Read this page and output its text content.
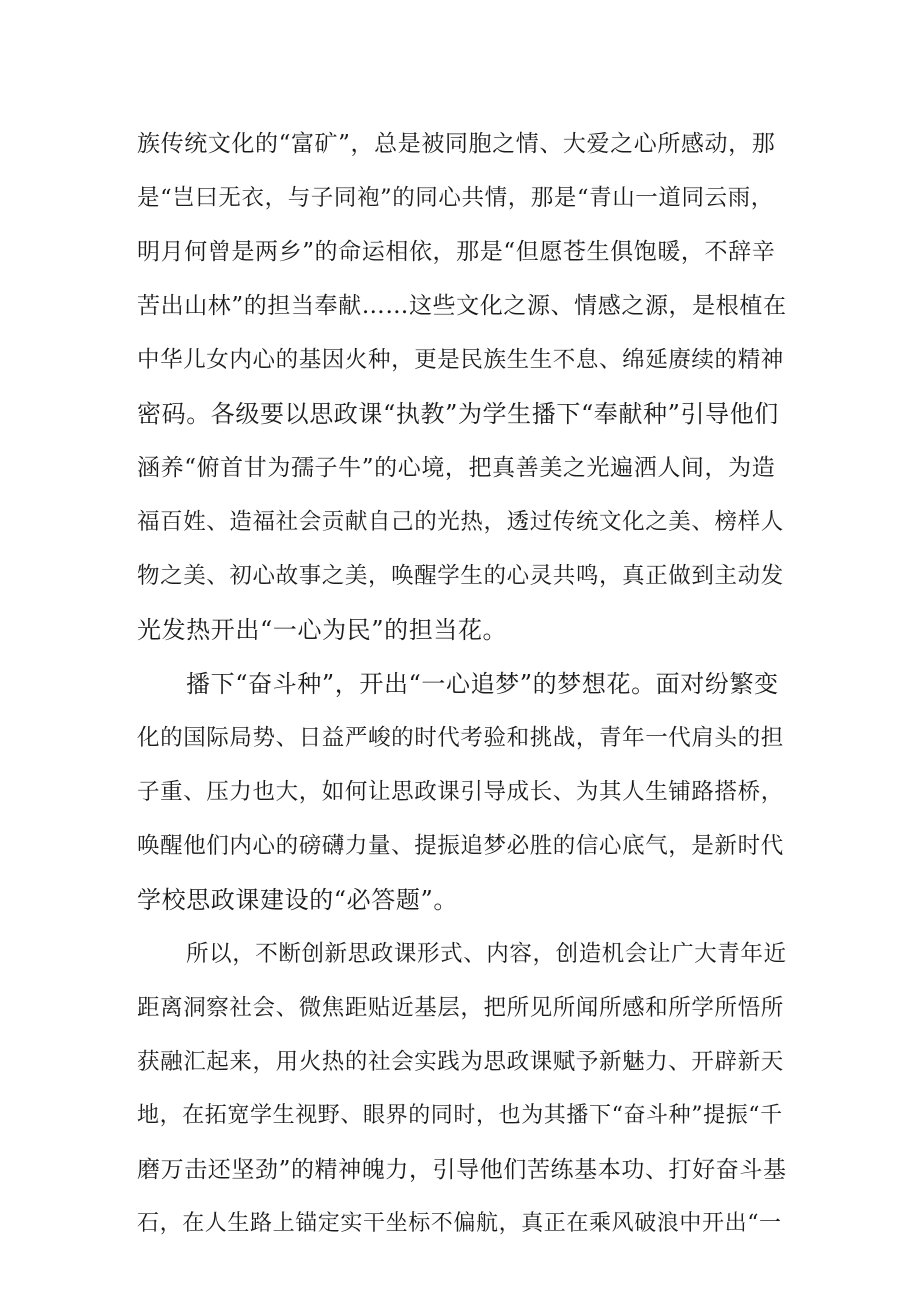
族传统文化的“富矿”，总是被同胞之情、大爱之心所感动，那
是“岂曰无衣，与子同袍”的同心共情，那是“青山一道同云雨，
明月何曾是两乡”的命运相依，那是“但愿苍生俱饱暖，不辞辛
苦出山林”的担当奉献……这些文化之源、情感之源，是根植在
中华儿女内心的基因火种，更是民族生生不息、绵延赓续的精神
密码。各级要以思政课“执教”为学生播下“奉献种”引导他们
涵养“俯首甘为孺子牛”的心境，把真善美之光遍洒人间，为造
福百姓、造福社会贡献自己的光热，透过传统文化之美、榜样人
物之美、初心故事之美，唤醒学生的心灵共鸣，真正做到主动发
光发热开出“一心为民”的担当花。
播下“奋斗种”，开出“一心追梦”的梦想花。面对纷繁变
化的国际局势、日益严峻的时代考验和挑战，青年一代肩头的担
子重、压力也大，如何让思政课引导成长、为其人生铺路搭桥，
唤醒他们内心的磅礴力量、提振追梦必胜的信心底气，是新时代
学校思政课建设的“必答题”。
所以，不断创新思政课形式、内容，创造机会让广大青年近
距离洞察社会、微焦距贴近基层，把所见所闻所感和所学所悟所
获融汇起来，用火热的社会实践为思政课赋予新魅力、开辟新天
地，在拓宽学生视野、眼界的同时，也为其播下“奋斗种”提振“千
磨万击还坚劲”的精神魄力，引导他们苦练基本功、打好奋斗基
石，在人生路上锚定实干坐标不偏航，真正在乘风破浪中开出“一
